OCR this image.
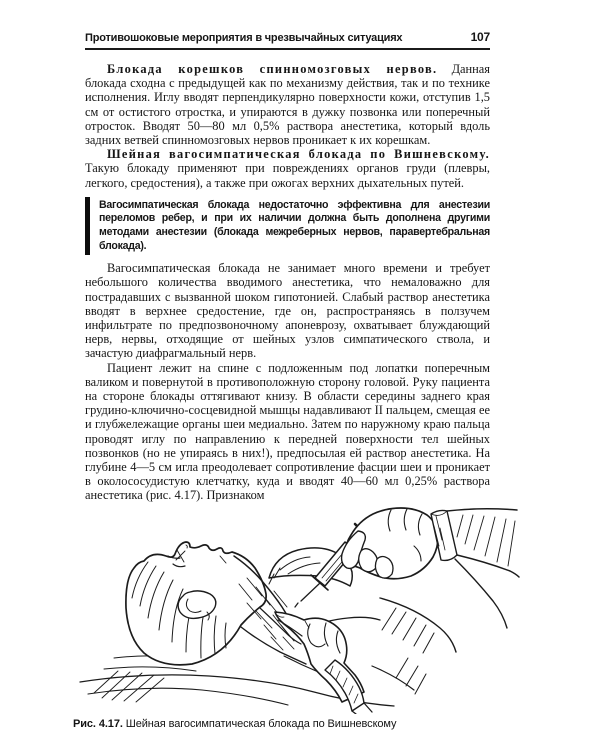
Противошоковые мероприятия в чрезвычайных ситуациях	107

Блокада корешков спинномозговых нервов. Данная блокада сходна с предыдущей как по механизму действия, так и по технике исполнения. Иглу вводят перпендикулярно поверхности кожи, отступив 1,5 см от остистого отростка, и упираются в дужку позвонка или поперечный отросток. Вводят 50—80 мл 0,5% раствора анестетика, который вдоль задних ветвей спинномозговых нервов проникает к их корешкам.

Шейная вагосимпатическая блокада по Вишневскому. Такую блокаду применяют при повреждениях органов груди (плевры, легкого, средостения), а также при ожогах верхних дыхательных путей.

Вагосимпатическая блокада недостаточно эффективна для анестезии переломов ребер, и при их наличии должна быть дополнена другими методами анестезии (блокада межреберных нервов, паравертебральная блокада).

Вагосимпатическая блокада не занимает много времени и требует небольшого количества вводимого анестетика, что немаловажно для пострадавших с вызванной шоком гипотонией. Слабый раствор анестетика вводят в верхнее средостение, где он, распространяясь в ползучем инфильтрате по предпозвоночному апоневрозу, охватывает блуждающий нерв, нервы, отходящие от шейных узлов симпатического ствола, и зачастую диафрагмальный нерв.

Пациент лежит на спине с подложенным под лопатки поперечным валиком и повернутой в противоположную сторону головой. Руку пациента на стороне блокады оттягивают книзу. В области середины заднего края грудино-ключично-сосцевидной мышцы надавливают II пальцем, смещая ее и глубжележащие органы шеи медиально. Затем по наружному краю пальца проводят иглу по направлению к передней поверхности тел шейных позвонков (но не упираясь в них!), предпосылая ей раствор анестетика. На глубине 4—5 см игла преодолевает сопротивление фасции шеи и проникает в околососудистую клетчатку, куда и вводят 40—60 мл 0,25% раствора анестетика (рис. 4.17). Признаком

Рис. 4.17. Шейная вагосимпатическая блокада по Вишневскому
